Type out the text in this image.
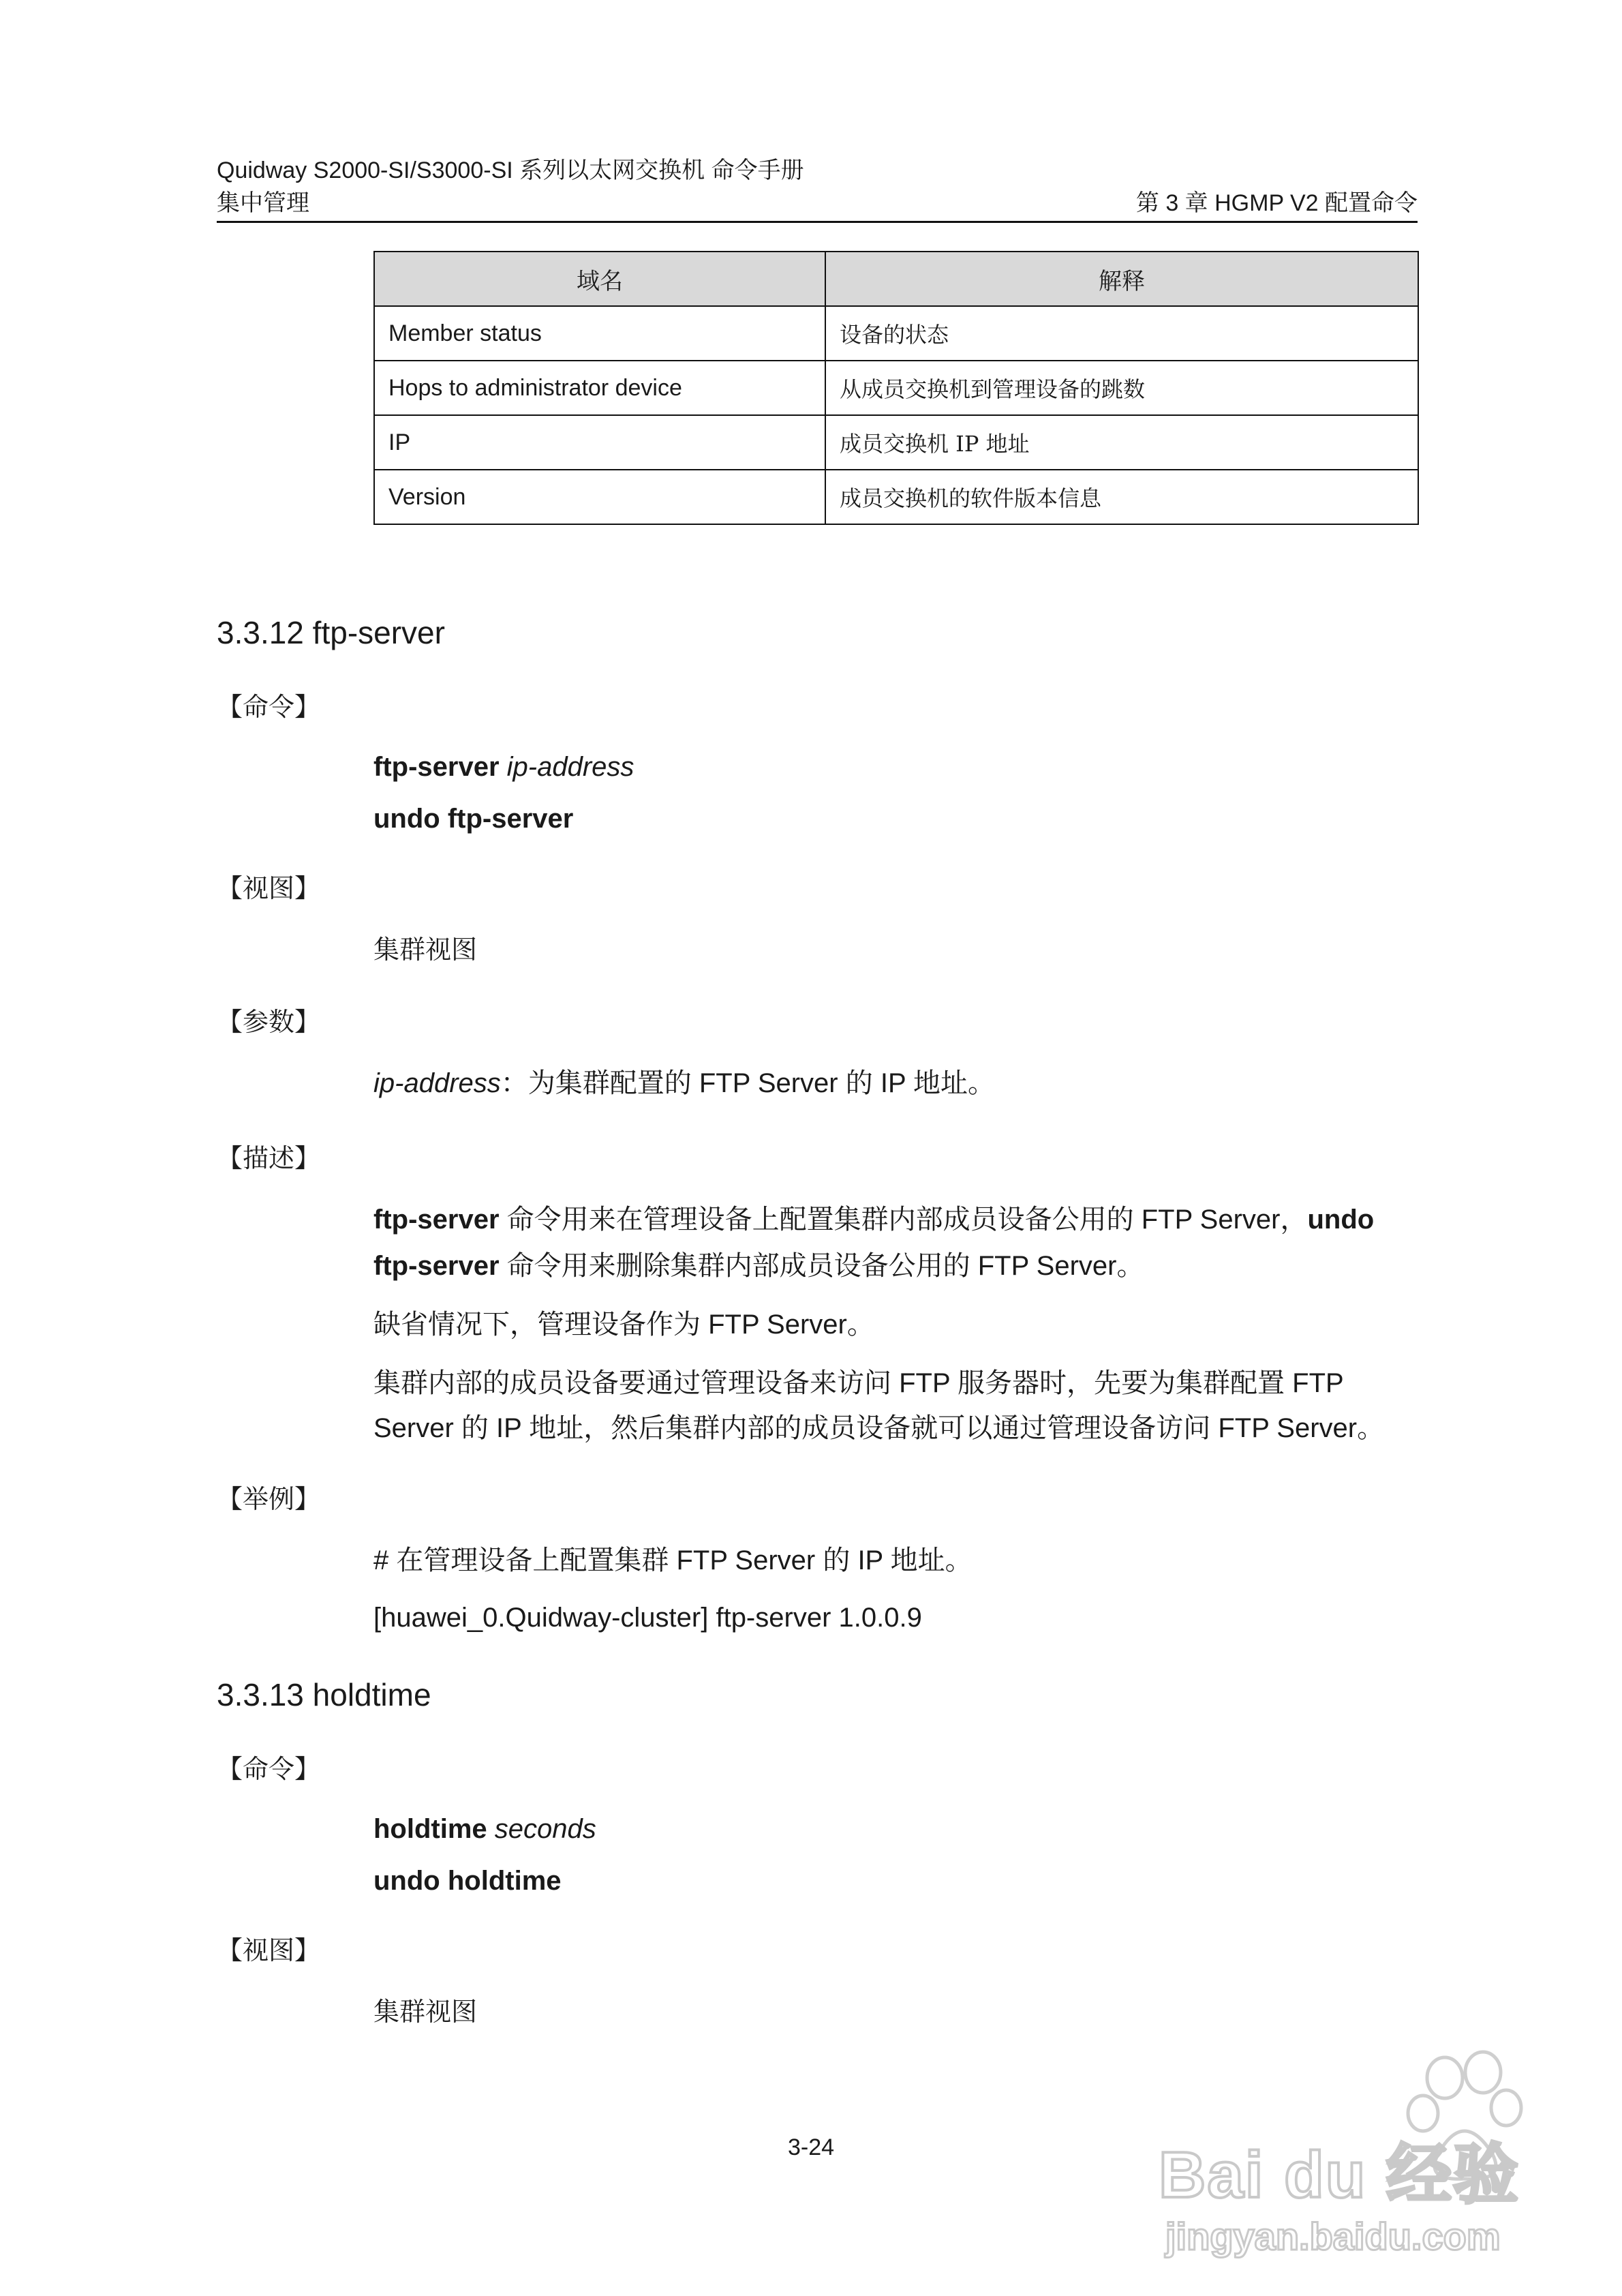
Quidway S2000-SI/S3000-SI 系列以太网交换机 命令手册
集中管理	第 3 章 HGMP V2 配置命令
域名	解释
Member status	设备的状态
Hops to administrator device	从成员交换机到管理设备的跳数
IP	成员交换机 IP 地址
Version	成员交换机的软件版本信息
3.3.12 ftp-server
【命令】
ftp-server ip-address
undo ftp-server
【视图】
集群视图
【参数】
ip-address：为集群配置的 FTP Server 的 IP 地址。
【描述】
ftp-server 命令用来在管理设备上配置集群内部成员设备公用的 FTP Server，undo
ftp-server 命令用来删除集群内部成员设备公用的 FTP Server。
缺省情况下，管理设备作为 FTP Server。
集群内部的成员设备要通过管理设备来访问 FTP 服务器时，先要为集群配置 FTP
Server 的 IP 地址，然后集群内部的成员设备就可以通过管理设备访问 FTP Server。
【举例】
# 在管理设备上配置集群 FTP Server 的 IP 地址。
[huawei_0.Quidway-cluster] ftp-server 1.0.0.9
3.3.13 holdtime
【命令】
holdtime seconds
undo holdtime
【视图】
集群视图
3-24	Bai du 经验
jingyan.baidu.com
